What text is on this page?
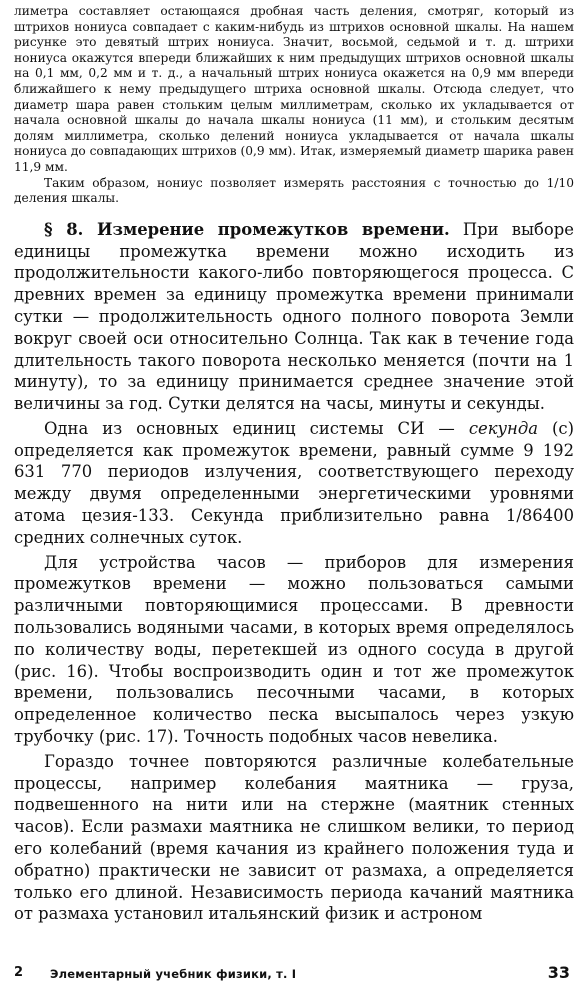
лиметра составляет остающаяся дробная часть деления, смотряг, который из штрихов нониуса совпадает с каким-нибудь из штрихов основной шкалы. На нашем рисунке это девятый штрих нониуса. Значит, восьмой, седьмой и т. д. штрихи нониуса окажутся впереди ближайших к ним предыдущих штрихов основной шкалы на 0,1 мм, 0,2 мм и т. д., а начальный штрих нониуса окажется на 0,9 мм впереди ближайшего к нему предыдущего штриха основной шкалы. Отсюда следует, что диаметр шара равен стольким целым миллиметрам, сколько их укладывается от начала основной шкалы до начала шкалы нониуса (11 мм), и стольким десятым долям миллиметра, сколько делений нониуса укладывается от начала шкалы нониуса до совпадающих штрихов (0,9 мм). Итак, измеряемый диаметр шарика равен 11,9 мм.

Таким образом, нониус позволяет измерять расстояния с точностью до 1/10 деления шкалы.

§ 8. Измерение промежутков времени. При выборе единицы промежутка времени можно исходить из продолжительности какого-либо повторяющегося процесса. С древних времен за единицу промежутка времени принимали сутки — продолжительность одного полного поворота Земли вокруг своей оси относительно Солнца. Так как в течение года длительность такого поворота несколько меняется (почти на 1 минуту), то за единицу принимается среднее значение этой величины за год. Сутки делятся на часы, минуты и секунды.

Одна из основных единиц системы СИ — секунда (с) определяется как промежуток времени, равный сумме 9 192 631 770 периодов излучения, соответствующего переходу между двумя определенными энергетическими уровнями атома цезия-133. Секунда приблизительно равна 1/86400 средних солнечных суток.

Для устройства часов — приборов для измерения промежутков времени — можно пользоваться самыми различными повторяющимися процессами. В древности пользовались водяными часами, в которых время определялось по количеству воды, перетекшей из одного сосуда в другой (рис. 16). Чтобы воспроизводить один и тот же промежуток времени, пользовались песочными часами, в которых определенное количество песка высыпалось через узкую трубочку (рис. 17). Точность подобных часов невелика.

Гораздо точнее повторяются различные колебательные процессы, например колебания маятника — груза, подвешенного на нити или на стержне (маятник стенных часов). Если размахи маятника не слишком велики, то период его колебаний (время качания из крайнего положения туда и обратно) практически не зависит от размаха, а определяется только его длиной. Независимость периода качаний маятника от размаха установил итальянский физик и астроном

2 Элементарный учебник физики, т. I	33
